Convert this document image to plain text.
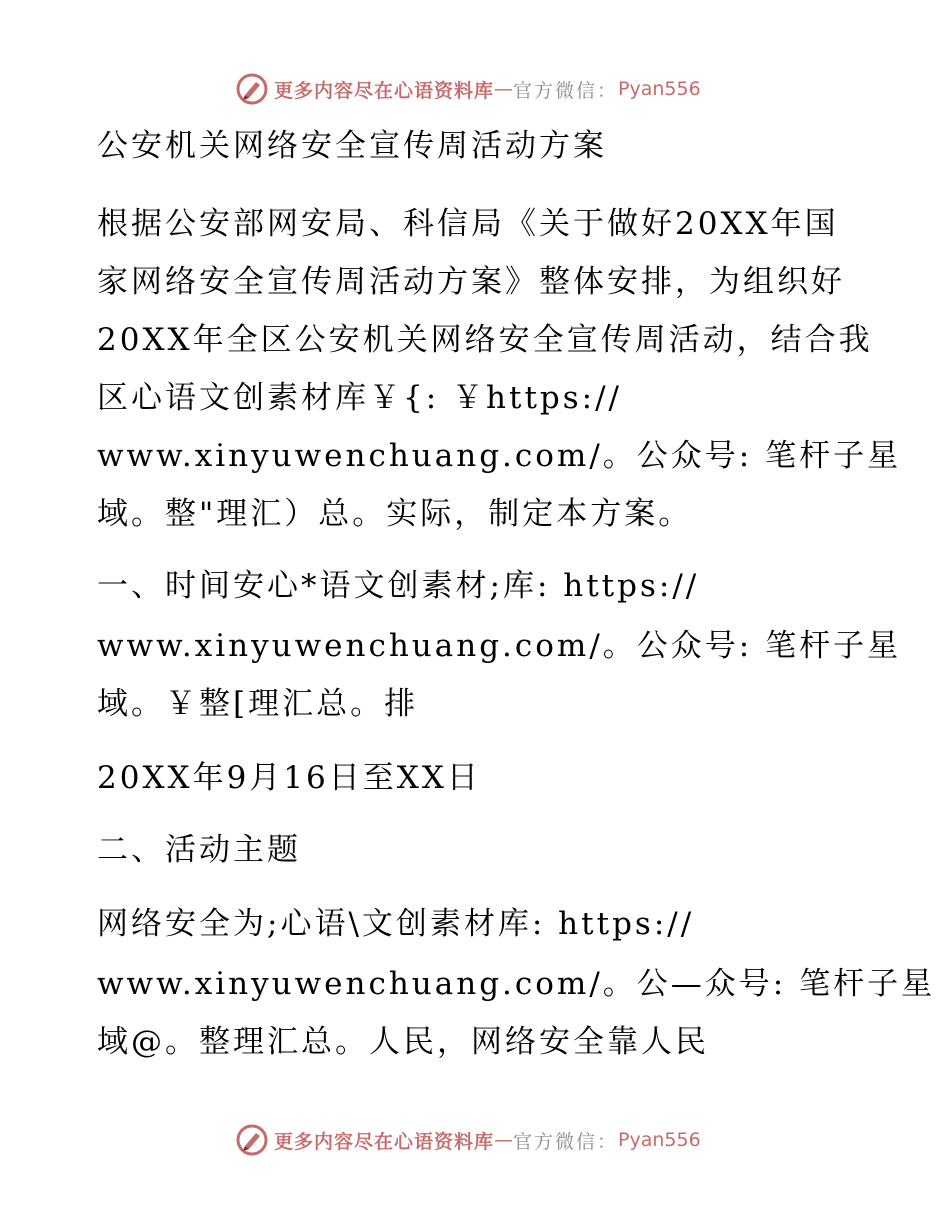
更多内容尽在心语资料库 — 官方微信： Pyan556
公安机关网络安全宣传周活动方案
根据公安部网安局、科信局《关于做好20XX年国
家网络安全宣传周活动方案》整体安排，为组织好
20XX年全区公安机关网络安全宣传周活动，结合我
区心语文创素材库￥{: ￥https://
www.xinyuwenchuang.com/。公众号: 笔杆子星
域。整"理汇）总。实际，制定本方案。
一、时间安心*语文创素材;库: https://
www.xinyuwenchuang.com/。公众号: 笔杆子星
域。￥整[理汇总。排
20XX年9月16日至XX日
二、活动主题
网络安全为;心语\文创素材库: https://
www.xinyuwenchuang.com/。公—众号: 笔杆子星
域@。整理汇总。人民，网络安全靠人民
更多内容尽在心语资料库 — 官方微信： Pyan556
